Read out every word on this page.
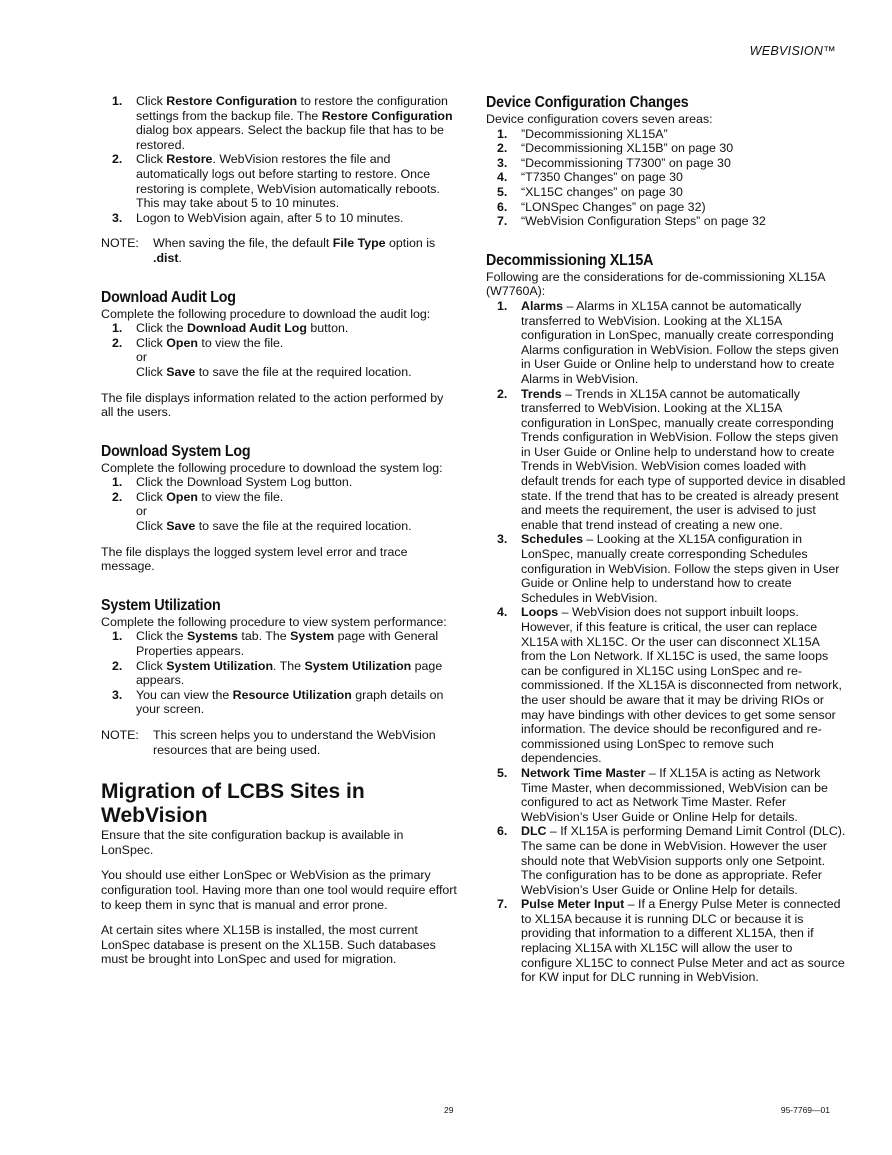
WEBVISION™
1.	Click Restore Configuration to restore the configuration settings from the backup file. The Restore Configuration dialog box appears. Select the backup file that has to be restored.
2.	Click Restore. WebVision restores the file and automatically logs out before starting to restore. Once restoring is complete, WebVision automatically reboots. This may take about 5 to 10 minutes.
3.	Logon to WebVision again, after 5 to 10 minutes.
NOTE:	When saving the file, the default File Type option is .dist.
Download Audit Log

Complete the following procedure to download the audit log:

1.	Click the Download Audit Log button.
2.	Click Open to view the file.
or
Click Save to save the file at the required location.

The file displays information related to the action performed by all the users.

Download System Log

Complete the following procedure to download the system log:

1.	Click the Download System Log button.
2.	Click Open to view the file.
or
Click Save to save the file at the required location.

The file displays the logged system level error and trace message.

System Utilization

Complete the following procedure to view system performance:

1.	Click the Systems tab. The System page with General Properties appears.
2.	Click System Utilization. The System Utilization page appears.
3.	You can view the Resource Utilization graph details on your screen.
NOTE:	This screen helps you to understand the WebVision resources that are being used.
Migration of LCBS Sites in WebVision

Ensure that the site configuration backup is available in LonSpec.

You should use either LonSpec or WebVision as the primary configuration tool. Having more than one tool would require effort to keep them in sync that is manual and error prone.

At certain sites where XL15B is installed, the most current LonSpec database is present on the XL15B. Such databases must be brought into LonSpec and used for migration.

Device Configuration Changes

Device configuration covers seven areas:

1.	”Decommissioning XL15A”
2.	“Decommissioning XL15B” on page 30
3.	“Decommissioning T7300” on page 30
4.	“T7350 Changes” on page 30
5.	“XL15C changes” on page 30
6.	“LONSpec Changes” on page 32)
7.	“WebVision Configuration Steps” on page 32
Decommissioning XL15A

Following are the considerations for de-commissioning XL15A (W7760A):

1.	Alarms – Alarms in XL15A cannot be automatically transferred to WebVision. Looking at the XL15A configuration in LonSpec, manually create corresponding Alarms configuration in WebVision. Follow the steps given in User Guide or Online help to understand how to create Alarms in WebVision.
2.	Trends – Trends in XL15A cannot be automatically transferred to WebVision. Looking at the XL15A configuration in LonSpec, manually create corresponding Trends configuration in WebVision. Follow the steps given in User Guide or Online help to understand how to create Trends in WebVision. WebVision comes loaded with default trends for each type of supported device in disabled state. If the trend that has to be created is already present and meets the requirement, the user is advised to just enable that trend instead of creating a new one.
3.	Schedules – Looking at the XL15A configuration in LonSpec, manually create corresponding Schedules configuration in WebVision. Follow the steps given in User Guide or Online help to understand how to create Schedules in WebVision.
4.	Loops – WebVision does not support inbuilt loops. However, if this feature is critical, the user can replace XL15A with XL15C. Or the user can disconnect XL15A from the Lon Network. If XL15C is used, the same loops can be configured in XL15C using LonSpec and re-commissioned. If the XL15A is disconnected from network, the user should be aware that it may be driving RIOs or may have bindings with other devices to get some sensor information. The device should be reconfigured and re-commissioned using LonSpec to remove such dependencies.
5.	Network Time Master – If XL15A is acting as Network Time Master, when decommissioned, WebVision can be configured to act as Network Time Master. Refer WebVision’s User Guide or Online Help for details.
6.	DLC – If XL15A is performing Demand Limit Control (DLC). The same can be done in WebVision. However the user should note that WebVision supports only one Setpoint. The configuration has to be done as appropriate. Refer WebVision’s User Guide or Online Help for details.
7.	Pulse Meter Input – If a Energy Pulse Meter is connected to XL15A because it is running DLC or because it is providing that information to a different XL15A, then if replacing XL15A with XL15C will allow the user to configure XL15C to connect Pulse Meter and act as source for KW input for DLC running in WebVision.
29	95-7769—01
